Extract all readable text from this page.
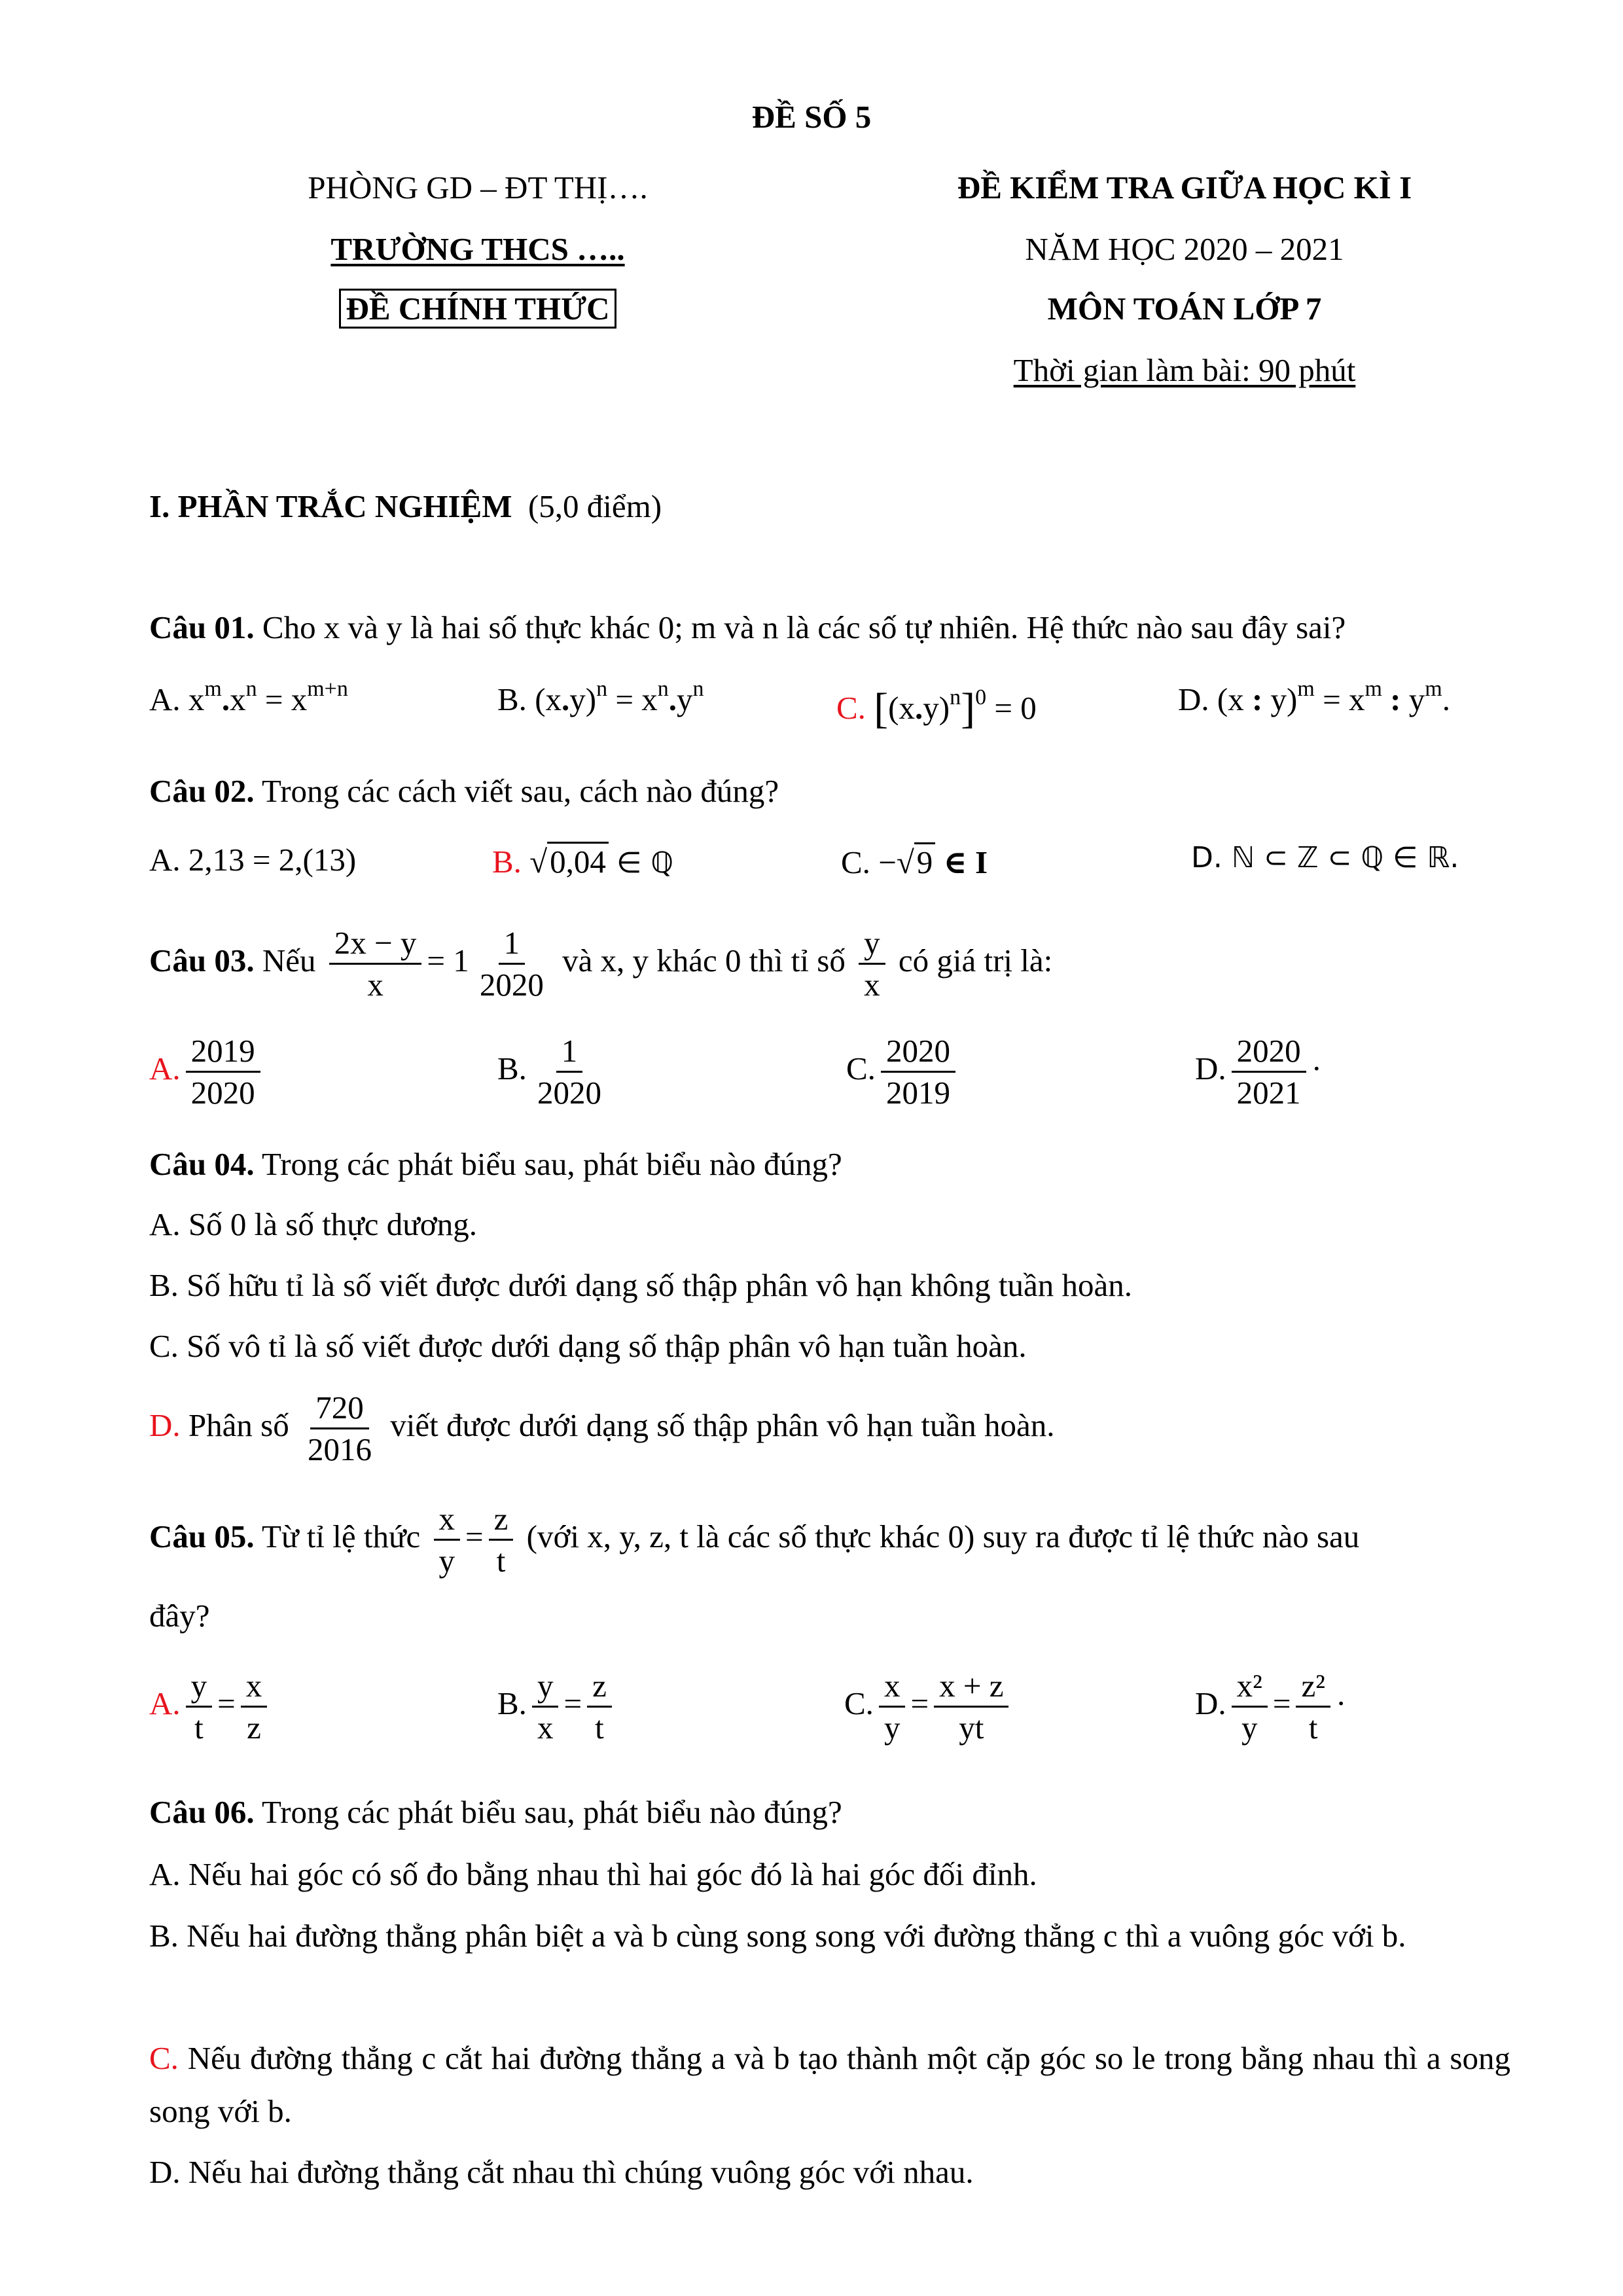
ĐỀ SỐ 5
PHÒNG GD – ĐT THỊ….
TRƯỜNG THCS …..
ĐỀ CHÍNH THỨC
ĐỀ KIỂM TRA GIỮA HỌC KÌ I
NĂM HỌC 2020 – 2021
MÔN TOÁN LỚP 7
Thời gian làm bài: 90 phút
I. PHẦN TRẮC NGHIỆM (5,0 điểm)
Câu 01. Cho x và y là hai số thực khác 0; m và n là các số tự nhiên. Hệ thức nào sau đây sai?
A. $x^m.x^n = x^{m+n}$	B. $(x.y)^n = x^n.y^n$
C. $[(x.y)^n]^0 = 0$	D. (x : $y)^m = x^m$ : $y^m$.
Câu 02. Trong các cách viết sau, cách nào đúng?
A. 2,13 = 2,(13)	B. √0,04 ∈ ℚ	C. −√9 ∈ I	D. ℕ ⊂ ℤ ⊂ ℚ ∈ ℝ.
Câu 03. Nếu $\frac{2x - y}{x} = 1 \frac{1}{2020}$ và x, y khác 0 thì tỉ số $\frac{y}{x}$ có giá trị là:
A. $\frac{2019}{2020}$	B. $\frac{1}{2020}$	C. $\frac{2020}{2019}$	D. $\frac{2020}{2021}$ ·
Câu 04. Trong các phát biểu sau, phát biểu nào đúng?
A. Số 0 là số thực dương.
B. Số hữu tỉ là số viết được dưới dạng số thập phân vô hạn không tuần hoàn.
C. Số vô tỉ là số viết được dưới dạng số thập phân vô hạn tuần hoàn.
D. Phân số $\frac{720}{2016}$ viết được dưới dạng số thập phân vô hạn tuần hoàn.
Câu 05. Từ tỉ lệ thức $\frac{x}{y} = \frac{z}{t}$ (với x, y, z, t là các số thực khác 0) suy ra được tỉ lệ thức nào sau
đây?
A. $\frac{y}{t} = \frac{x}{z}$	B. $\frac{y}{x} = \frac{z}{t}$	C. $\frac{x}{y} = \frac{x + z}{yt}$	D. $\frac{\text{x²}}{y} = \frac{\text{z²}}{t}$ ·
Câu 06. Trong các phát biểu sau, phát biểu nào đúng?
A. Nếu hai góc có số đo bằng nhau thì hai góc đó là hai góc đối đỉnh.
B. Nếu hai đường thẳng phân biệt a và b cùng song song với đường thẳng c thì a vuông góc với b.
C. Nếu đường thẳng c cắt hai đường thẳng a và b tạo thành một cặp góc so le trong bằng nhau thì a song song với b.
D. Nếu hai đường thẳng cắt nhau thì chúng vuông góc với nhau.
